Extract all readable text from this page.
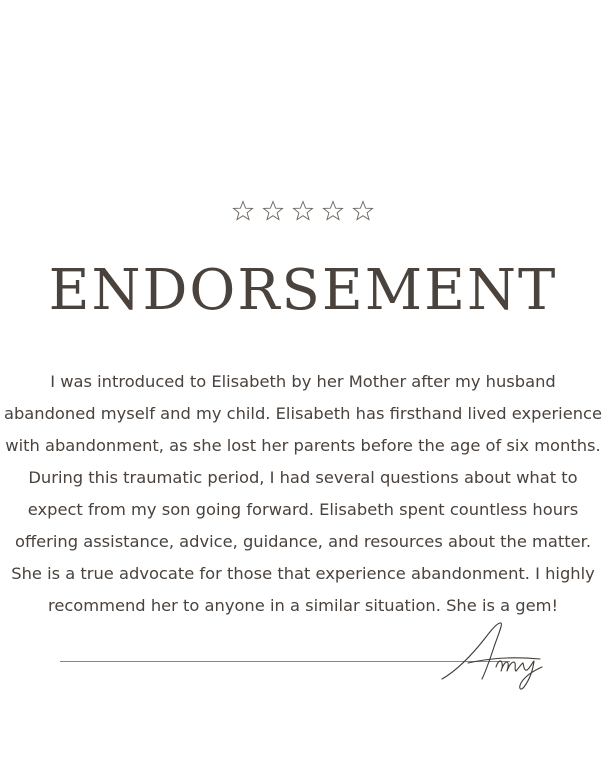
ENDORSEMENT

I was introduced to Elisabeth by her Mother after my husband
abandoned myself and my child. Elisabeth has firsthand lived experience
with abandonment, as she lost her parents before the age of six months.
During this traumatic period, I had several questions about what to
expect from my son going forward. Elisabeth spent countless hours
offering assistance, advice, guidance, and resources about the matter.
She is a true advocate for those that experience abandonment. I highly
recommend her to anyone in a similar situation. She is a gem!
